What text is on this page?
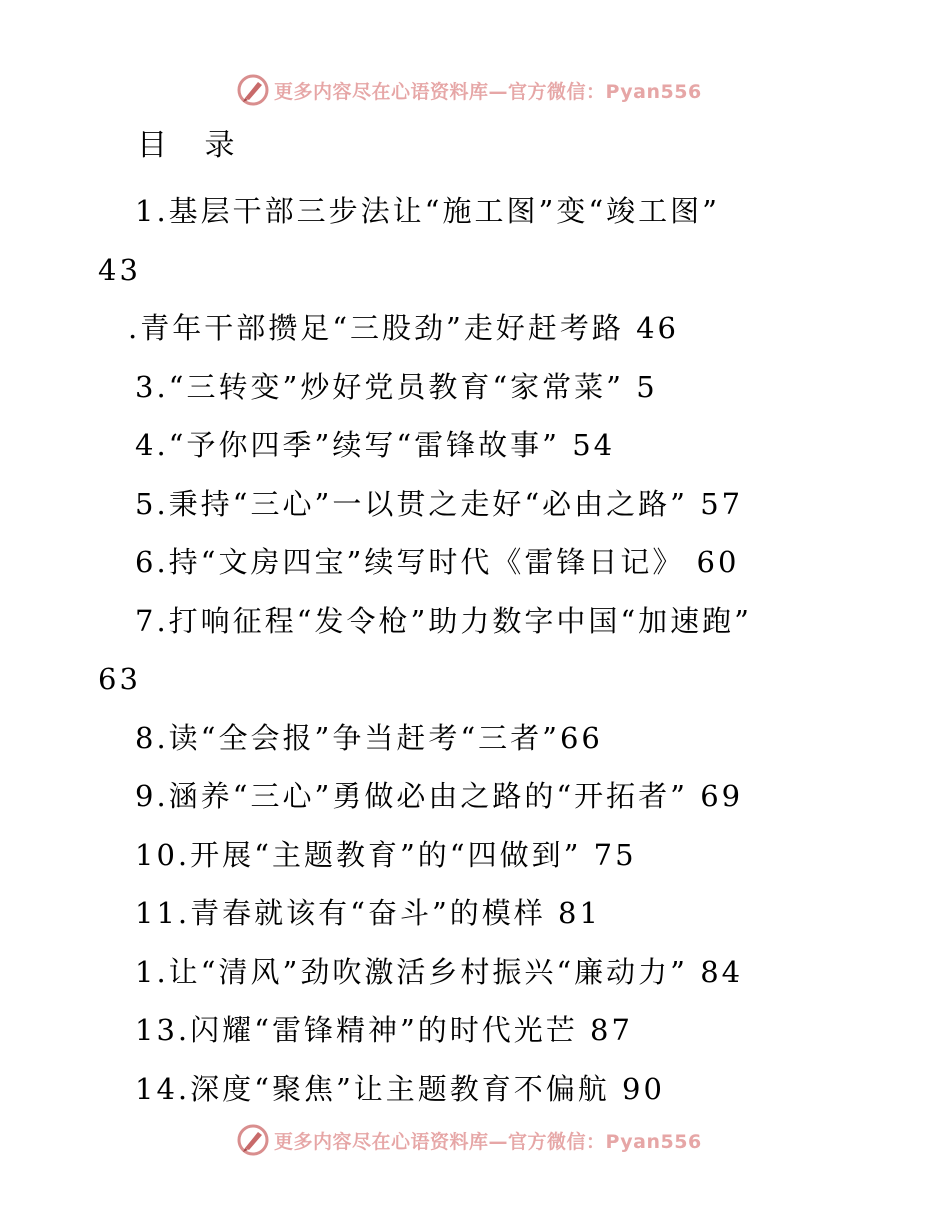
更多内容尽在心语资料库—官方微信：Pyan556
目 录
1.基层干部三步法让“施工图”变“竣工图”
43
.青年干部攒足“三股劲”走好赶考路 46
3.“三转变”炒好党员教育“家常菜” 5
4.“予你四季”续写“雷锋故事” 54
5.秉持“三心”一以贯之走好“必由之路” 57
6.持“文房四宝”续写时代《雷锋日记》 60
7.打响征程“发令枪”助力数字中国“加速跑”
63
8.读“全会报”争当赶考“三者”66
9.涵养“三心”勇做必由之路的“开拓者” 69
10.开展“主题教育”的“四做到” 75
11.青春就该有“奋斗”的模样 81
1.让“清风”劲吹激活乡村振兴“廉动力” 84
13.闪耀“雷锋精神”的时代光芒 87
14.深度“聚焦”让主题教育不偏航 90
更多内容尽在心语资料库—官方微信：Pyan556
